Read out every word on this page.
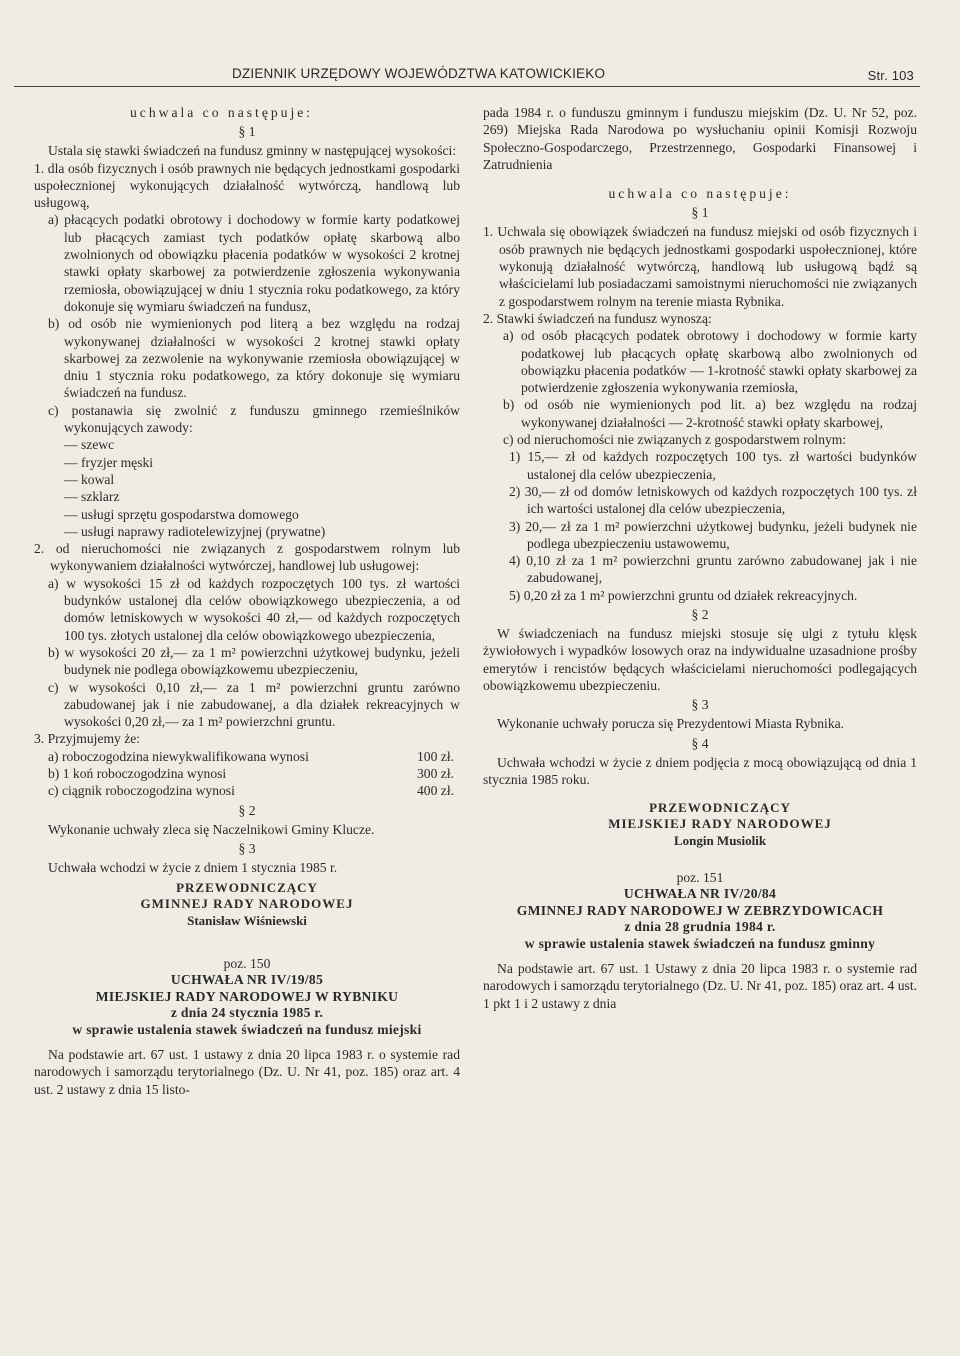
DZIENNIK URZĘDOWY WOJEWÓDZTWA KATOWICKIEKO	Str. 103

uchwala co następuje:

§ 1

Ustala się stawki świadczeń na fundusz gminny w następującej wysokości:

1. dla osób fizycznych i osób prawnych nie będących jednostkami gospodarki uspołecznionej wykonujących działalność wytwórczą, handlową lub usługową,

a) płacących podatki obrotowy i dochodowy w formie karty podatkowej lub płacących zamiast tych podatków opłatę skarbową albo zwolnionych od obowiązku płacenia podatków w wysokości 2 krotnej stawki opłaty skarbowej za potwierdzenie zgłoszenia wykonywania rzemiosła, obowiązującej w dniu 1 stycznia roku podatkowego, za który dokonuje się wymiaru świadczeń na fundusz,

b) od osób nie wymienionych pod literą a bez względu na rodzaj wykonywanej działalności w wysokości 2 krotnej stawki opłaty skarbowej za zezwolenie na wykonywanie rzemiosła obowiązującej w dniu 1 stycznia roku podatkowego, za który dokonuje się wymiaru świadczeń na fundusz.

c) postanawia się zwolnić z funduszu gminnego rzemieślników wykonujących zawody:

— szewc

— fryzjer męski

— kowal

— szklarz

— usługi sprzętu gospodarstwa domowego

— usługi naprawy radiotelewizyjnej (prywatne)

2. od nieruchomości nie związanych z gospodarstwem rolnym lub wykonywaniem działalności wytwórczej, handlowej lub usługowej:

a) w wysokości 15 zł od każdych rozpoczętych 100 tys. zł wartości budynków ustalonej dla celów obowiązkowego ubezpieczenia, a od domów letniskowych w wysokości 40 zł,— od każdych rozpoczętych 100 tys. złotych ustalonej dla celów obowiązkowego ubezpieczenia,

b) w wysokości 20 zł,— za 1 m² powierzchni użytkowej budynku, jeżeli budynek nie podlega obowiązkowemu ubezpieczeniu,

c) w wysokości 0,10 zł,— za 1 m² powierzchni gruntu zarówno zabudowanej jak i nie zabudowanej, a dla działek rekreacyjnych w wysokości 0,20 zł,— za 1 m² powierzchni gruntu.

3. Przyjmujemy że:

a) roboczogodzina niewykwalifikowana wynosi	100 zł.
b) 1 koń roboczogodzina wynosi	300 zł.
c) ciągnik roboczogodzina wynosi	400 zł.

§ 2

Wykonanie uchwały zleca się Naczelnikowi Gminy Klucze.

§ 3

Uchwała wchodzi w życie z dniem 1 stycznia 1985 r.

PRZEWODNICZĄCY

GMINNEJ RADY NARODOWEJ

Stanisław Wiśniewski

poz. 150

UCHWAŁA NR IV/19/85

MIEJSKIEJ RADY NARODOWEJ W RYBNIKU

z dnia 24 stycznia 1985 r.

w sprawie ustalenia stawek świadczeń na fundusz miejski

Na podstawie art. 67 ust. 1 ustawy z dnia 20 lipca 1983 r. o systemie rad narodowych i samorządu terytorialnego (Dz. U. Nr 41, poz. 185) oraz art. 4 ust. 2 ustawy z dnia 15 listo-

pada 1984 r. o funduszu gminnym i funduszu miejskim (Dz. U. Nr 52, poz. 269) Miejska Rada Narodowa po wysłuchaniu opinii Komisji Rozwoju Społeczno-Gospodarczego, Przestrzennego, Gospodarki Finansowej i Zatrudnienia

uchwala co następuje:

§ 1

1. Uchwala się obowiązek świadczeń na fundusz miejski od osób fizycznych i osób prawnych nie będących jednostkami gospodarki uspołecznionej, które wykonują działalność wytwórczą, handlową lub usługową bądź są właścicielami lub posiadaczami samoistnymi nieruchomości nie związanych z gospodarstwem rolnym na terenie miasta Rybnika.

2. Stawki świadczeń na fundusz wynoszą:

a) od osób płacących podatek obrotowy i dochodowy w formie karty podatkowej lub płacących opłatę skarbową albo zwolnionych od obowiązku płacenia podatków — 1-krotność stawki opłaty skarbowej za potwierdzenie zgłoszenia wykonywania rzemiosła,

b) od osób nie wymienionych pod lit. a) bez względu na rodzaj wykonywanej działalności — 2-krotność stawki opłaty skarbowej,

c) od nieruchomości nie związanych z gospodarstwem rolnym:

1) 15,— zł od każdych rozpoczętych 100 tys. zł wartości budynków ustalonej dla celów ubezpieczenia,

2) 30,— zł od domów letniskowych od każdych rozpoczętych 100 tys. zł ich wartości ustalonej dla celów ubezpieczenia,

3) 20,— zł za 1 m² powierzchni użytkowej budynku, jeżeli budynek nie podlega ubezpieczeniu ustawowemu,

4) 0,10 zł za 1 m² powierzchni gruntu zarówno zabudowanej jak i nie zabudowanej,

5) 0,20 zł za 1 m² powierzchni gruntu od działek rekreacyjnych.

§ 2

W świadczeniach na fundusz miejski stosuje się ulgi z tytułu klęsk żywiołowych i wypadków losowych oraz na indywidualne uzasadnione prośby emerytów i rencistów będących właścicielami nieruchomości podlegających obowiązkowemu ubezpieczeniu.

§ 3

Wykonanie uchwały porucza się Prezydentowi Miasta Rybnika.

§ 4

Uchwała wchodzi w życie z dniem podjęcia z mocą obowiązującą od dnia 1 stycznia 1985 roku.

PRZEWODNICZĄCY

MIEJSKIEJ RADY NARODOWEJ

Longin Musiolik

poz. 151

UCHWAŁA NR IV/20/84

GMINNEJ RADY NARODOWEJ W ZEBRZYDOWICACH

z dnia 28 grudnia 1984 r.

w sprawie ustalenia stawek świadczeń na fundusz gminny

Na podstawie art. 67 ust. 1 Ustawy z dnia 20 lipca 1983 r. o systemie rad narodowych i samorządu terytorialnego (Dz. U. Nr 41, poz. 185) oraz art. 4 ust. 1 pkt 1 i 2 ustawy z dnia
